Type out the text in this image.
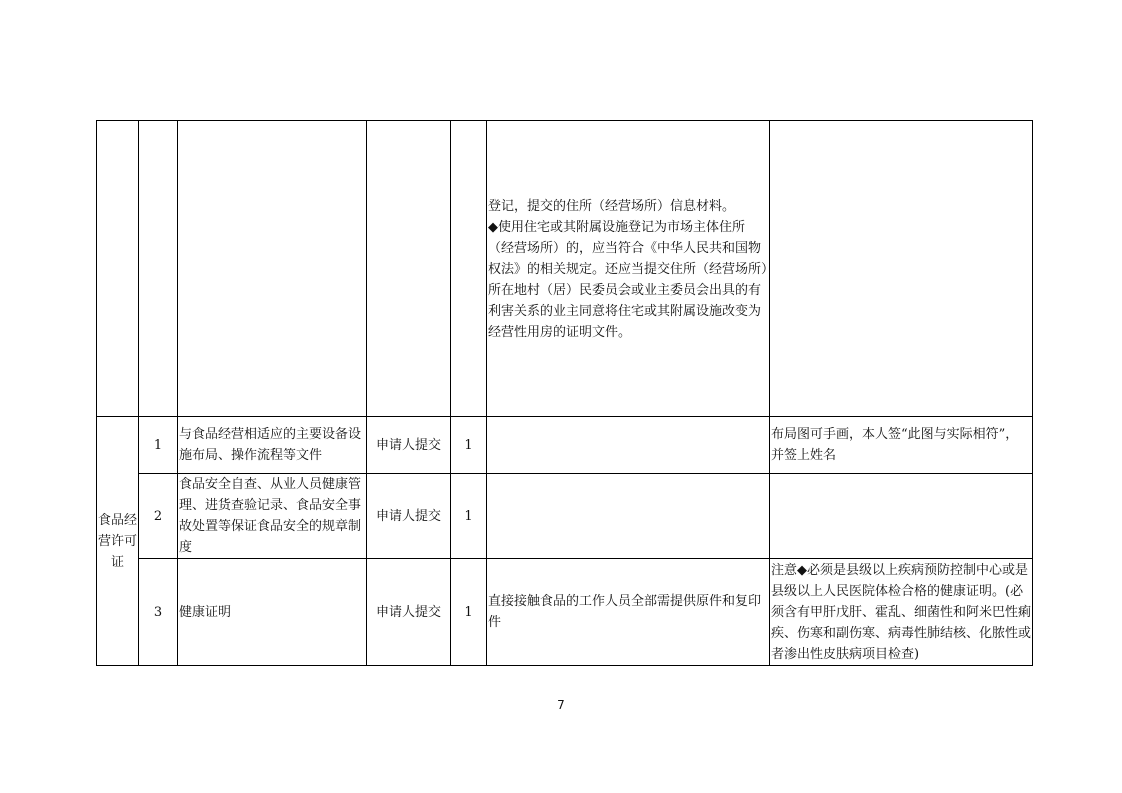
					登记，提交的住所（经营场所）信息材料。
◆使用住宅或其附属设施登记为市场主体住所（经营场所）的，应当符合《中华人民共和国物权法》的相关规定。还应当提交住所（经营场所）所在地村（居）民委员会或业主委员会出具的有利害关系的业主同意将住宅或其附属设施改变为经营性用房的证明文件。	

食品经营许可证	1	与食品经营相适应的主要设备设施布局、操作流程等文件	申请人提交	1		布局图可手画，本人签“此图与实际相符”，并签上姓名
	2	食品安全自查、从业人员健康管理、进货查验记录、食品安全事故处置等保证食品安全的规章制度	申请人提交	1		
	3	健康证明	申请人提交	1	直接接触食品的工作人员全部需提供原件和复印件	注意◆必须是县级以上疾病预防控制中心或是县级以上人民医院体检合格的健康证明。(必须含有甲肝戊肝、霍乱、细菌性和阿米巴性痢疾、伤寒和副伤寒、病毒性肺结核、化脓性或者渗出性皮肤病项目检查)
7
